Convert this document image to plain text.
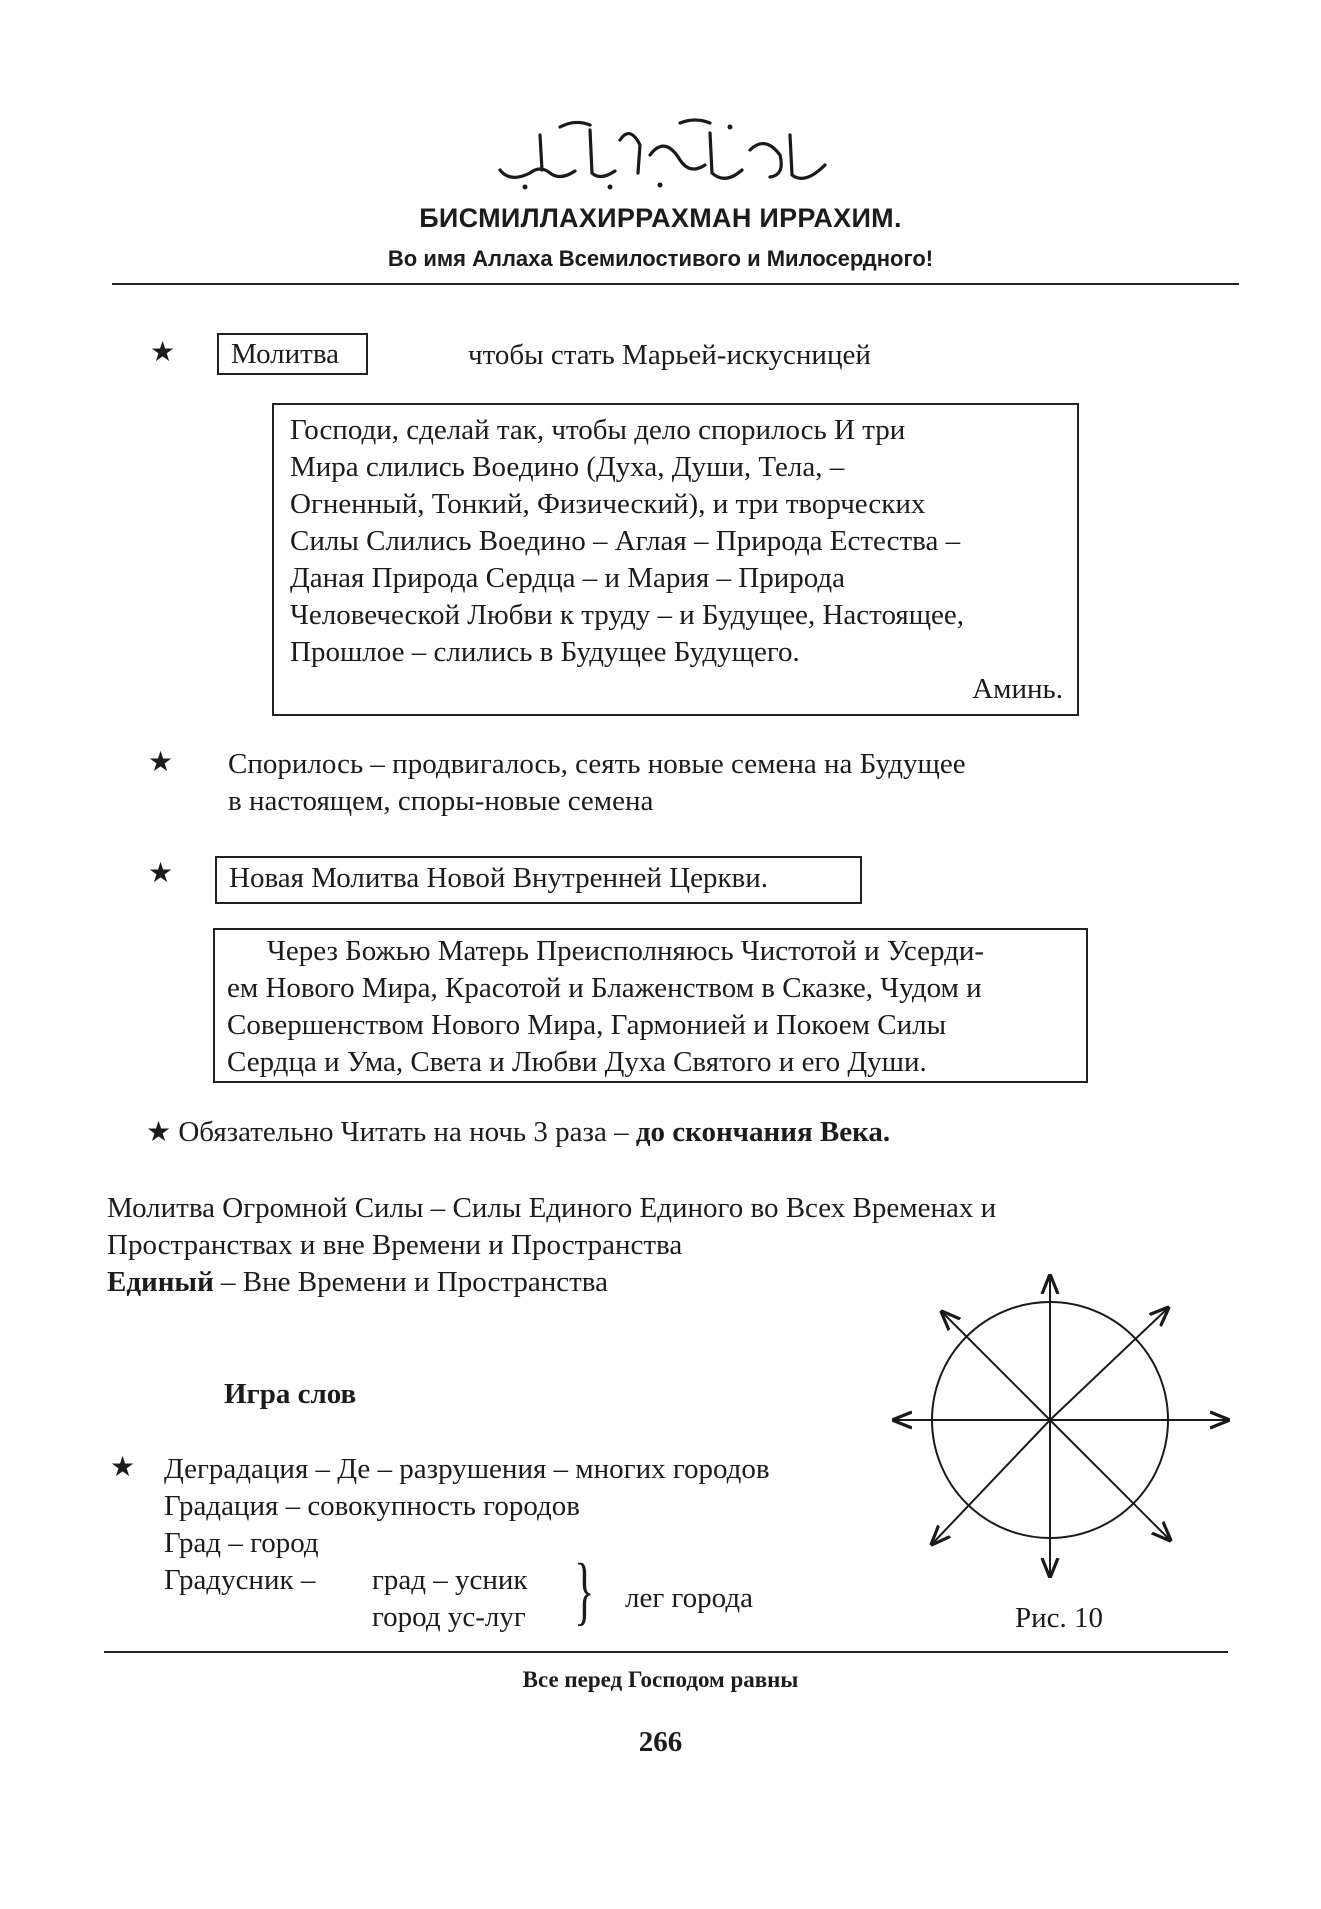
БИСМИЛЛАХИРРАХМАН ИРРАХИМ.
Во имя Аллаха Всемилостивого и Милосердного!
★	Молитва	чтобы стать Марьей-искусницей
Господи, сделай так, чтобы дело спорилось И три
Мира слились Воедино (Духа, Души, Тела, –
Огненный, Тонкий, Физический), и три творческих
Силы Слились Воедино – Аглая – Природа Естества –
Даная Природа Сердца – и Мария – Природа
Человеческой Любви к труду – и Будущее, Настоящее,
Прошлое – слились в Будущее Будущего.
Аминь.
★ Спорилось – продвигалось, сеять новые семена на Будущее
в настоящем, споры-новые семена
★	Новая Молитва Новой Внутренней Церкви.
Через Божью Матерь Преисполняюсь Чистотой и Усерди-
ем Нового Мира, Красотой и Блаженством в Сказке, Чудом и
Совершенством Нового Мира, Гармонией и Покоем Силы
Сердца и Ума, Света и Любви Духа Святого и его Души.
★ Обязательно Читать на ночь 3 раза – до скончания Века.
Молитва Огромной Силы – Силы Единого Единого во Всех Временах и
Пространствах и вне Времени и Пространства
Единый – Вне Времени и Пространства
Игра слов
★ Деградация – Де – разрушения – многих городов
Градация – совокупность городов
Град – город
Градусник – град – усник
город ус-луг } лег города
Рис. 10
Все перед Господом равны
266
